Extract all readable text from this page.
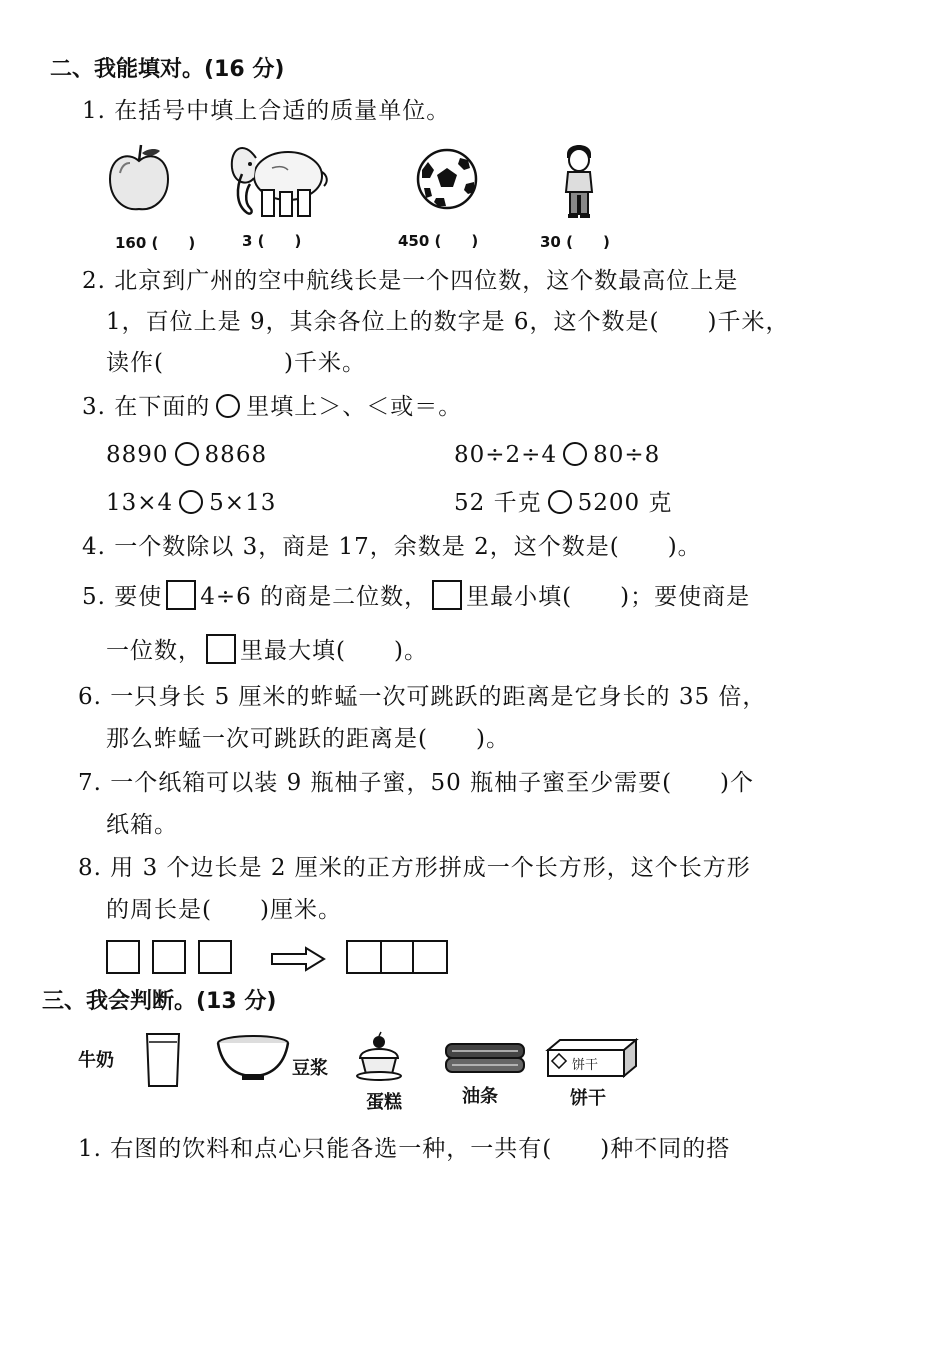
二、我能填对。(16 分)
1. 在括号中填上合适的质量单位。
160 (　　)	3 (　　)	450 (　　)	30 (　　)
2. 北京到广州的空中航线长是一个四位数，这个数最高位上是
1，百位上是 9，其余各位上的数字是 6，这个数是(　　)千米，
读作(　　　　　)千米。
3. 在下面的 里填上＞、＜或＝。
8890 8868	80÷2÷4 80÷8
13×4 5×13	52 千克 5200 克
4. 一个数除以 3，商是 17，余数是 2，这个数是(　　)。
5. 要使 4÷6 的商是二位数， 里最小填(　　)；要使商是
一位数， 里最大填(　　)。
6. 一只身长 5 厘米的蚱蜢一次可跳跃的距离是它身长的 35 倍，
那么蚱蜢一次可跳跃的距离是(　　)。
7. 一个纸箱可以装 9 瓶柚子蜜，50 瓶柚子蜜至少需要(　　)个
纸箱。
8. 用 3 个边长是 2 厘米的正方形拼成一个长方形，这个长方形
的周长是(　　)厘米。
三、我会判断。(13 分)
牛奶	豆浆
蛋糕	油条
饼干
饼干
1. 右图的饮料和点心只能各选一种，一共有(　　)种不同的搭
